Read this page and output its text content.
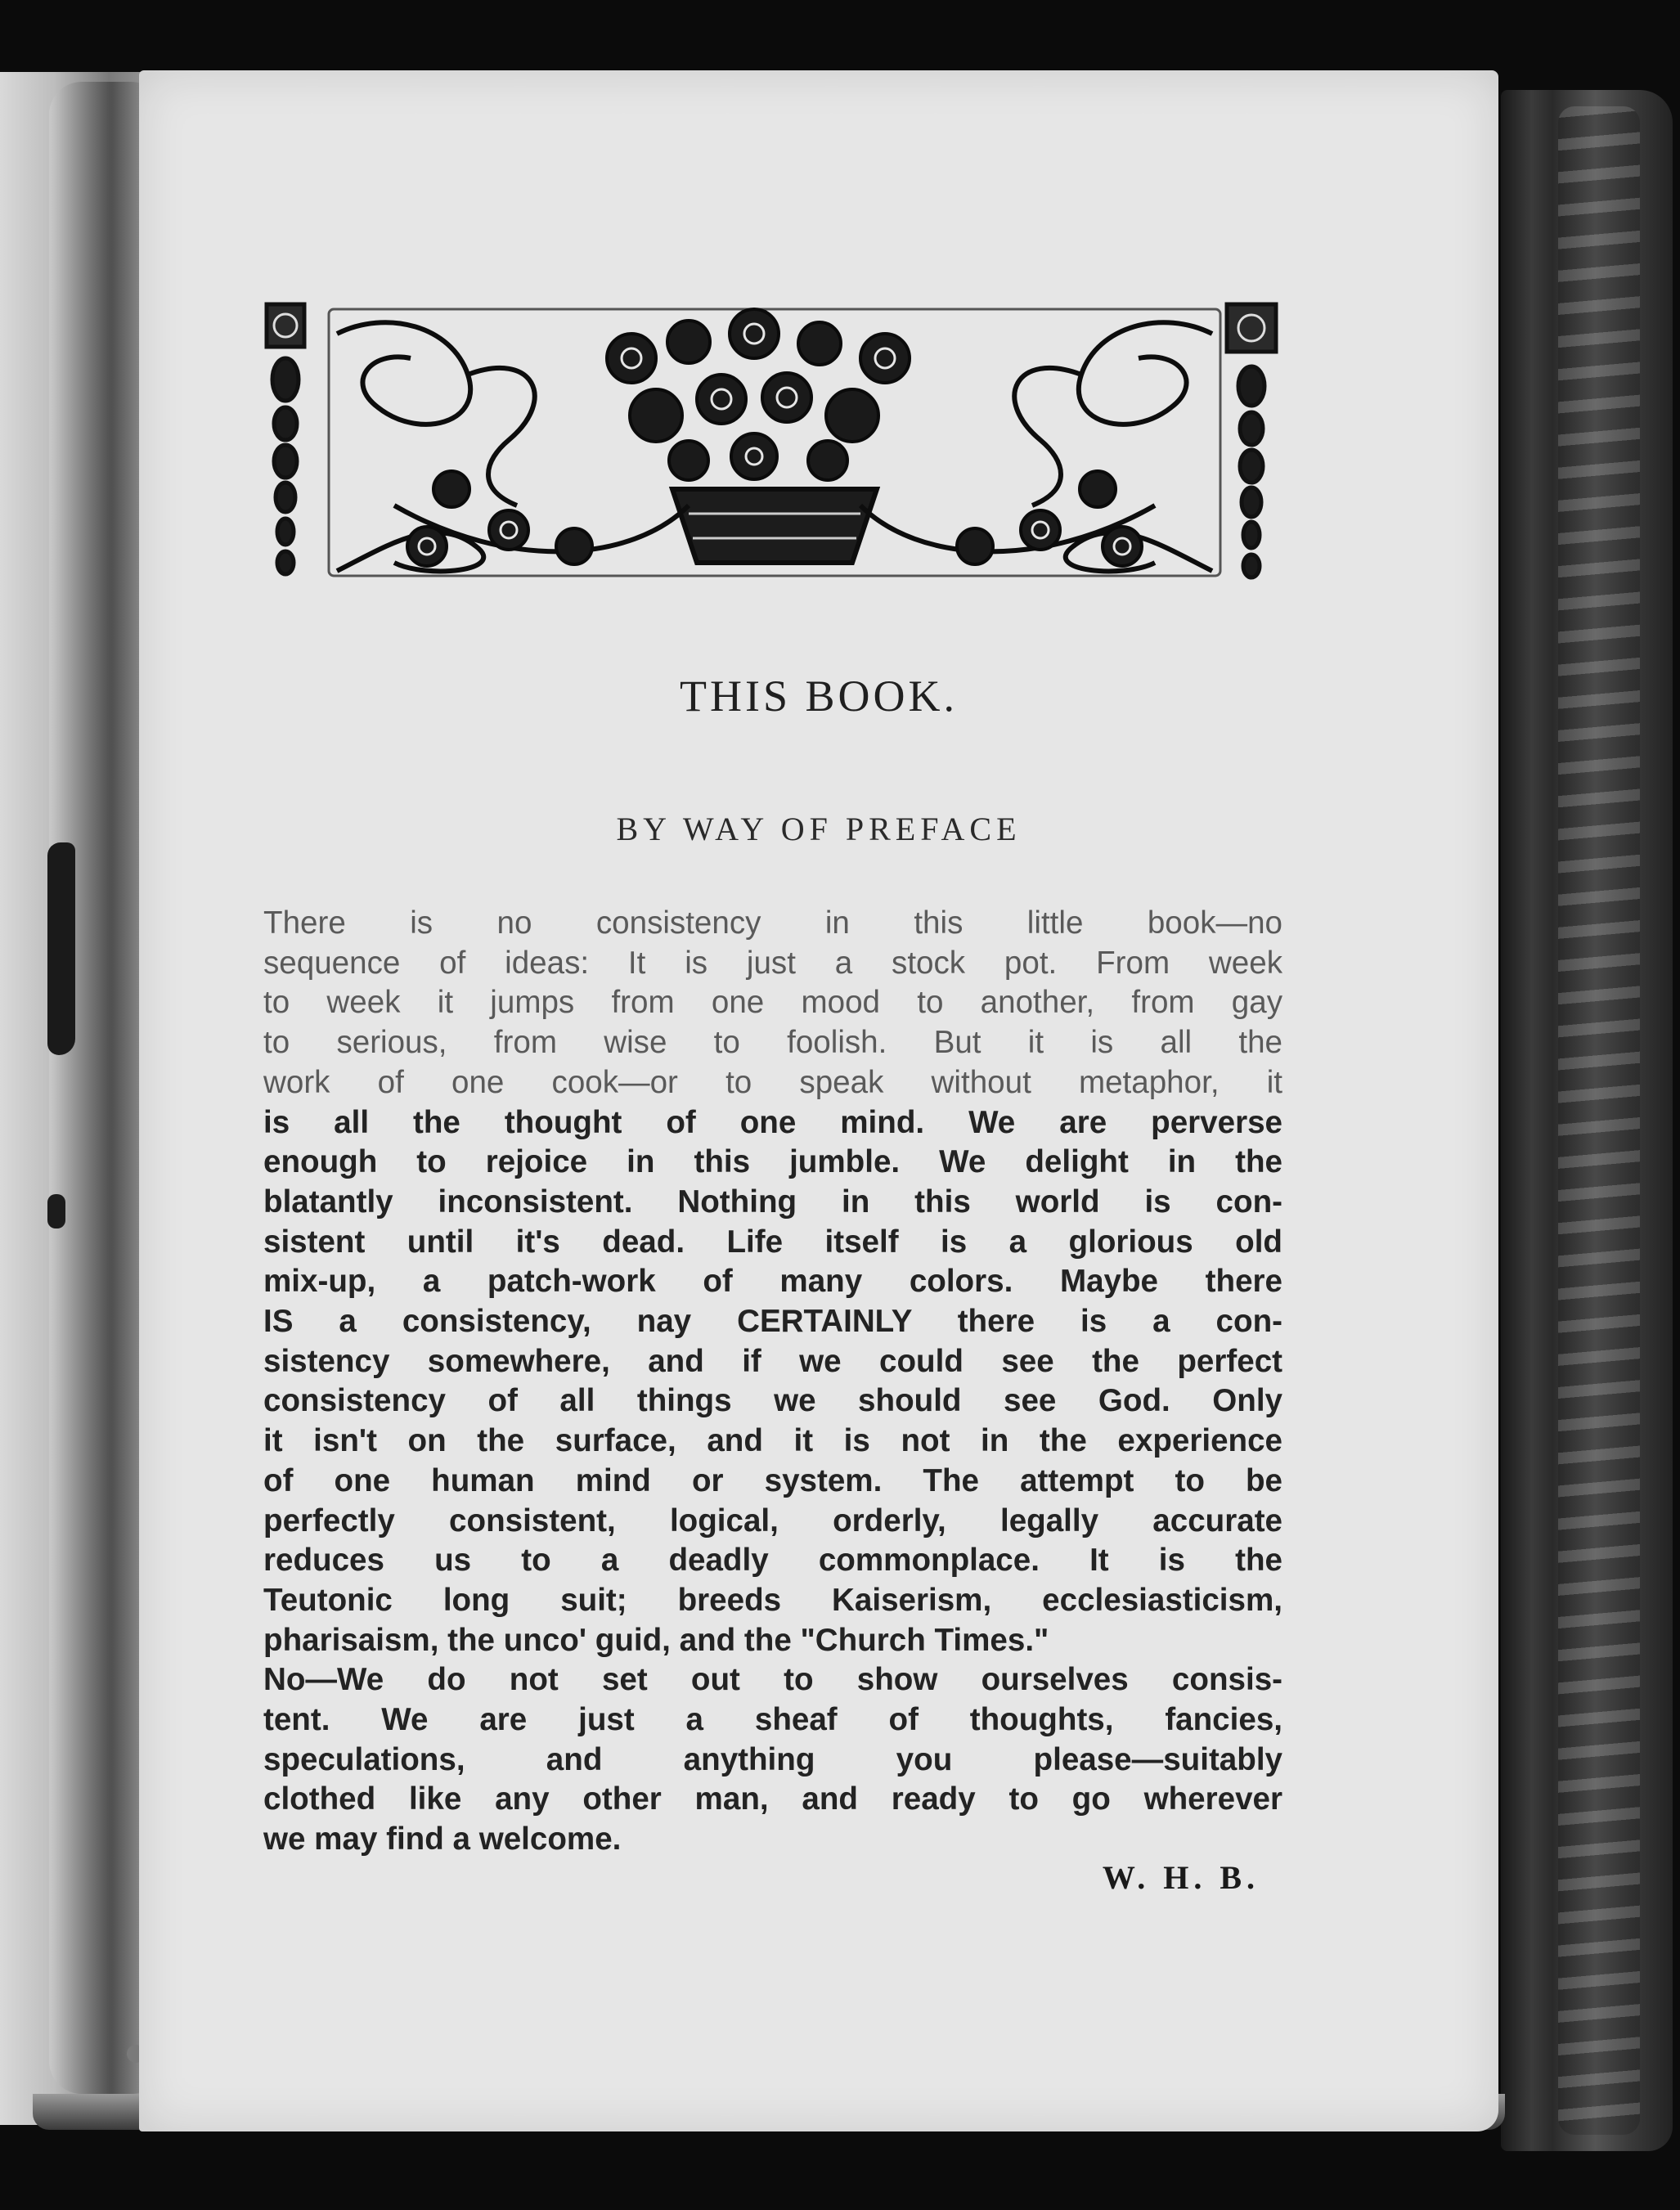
THIS BOOK.
BY WAY OF PREFACE
There is no consistency in this little book—no
sequence of ideas: It is just a stock pot. From week
to week it jumps from one mood to another, from gay
to serious, from wise to foolish. But it is all the
work of one cook—or to speak without metaphor, it
is all the thought of one mind. We are perverse
enough to rejoice in this jumble. We delight in the
blatantly inconsistent. Nothing in this world is con-
sistent until it's dead. Life itself is a glorious old
mix-up, a patch-work of many colors. Maybe there
IS a consistency, nay CERTAINLY there is a con-
sistency somewhere, and if we could see the perfect
consistency of all things we should see God. Only
it isn't on the surface, and it is not in the experience
of one human mind or system. The attempt to be
perfectly consistent, logical, orderly, legally accurate
reduces us to a deadly commonplace. It is the
Teutonic long suit; breeds Kaiserism, ecclesiasticism,
pharisaism, the unco' guid, and the "Church Times."
No—We do not set out to show ourselves consis-
tent. We are just a sheaf of thoughts, fancies,
speculations, and anything you please—suitably
clothed like any other man, and ready to go wherever
we may find a welcome.
W. H. B.
